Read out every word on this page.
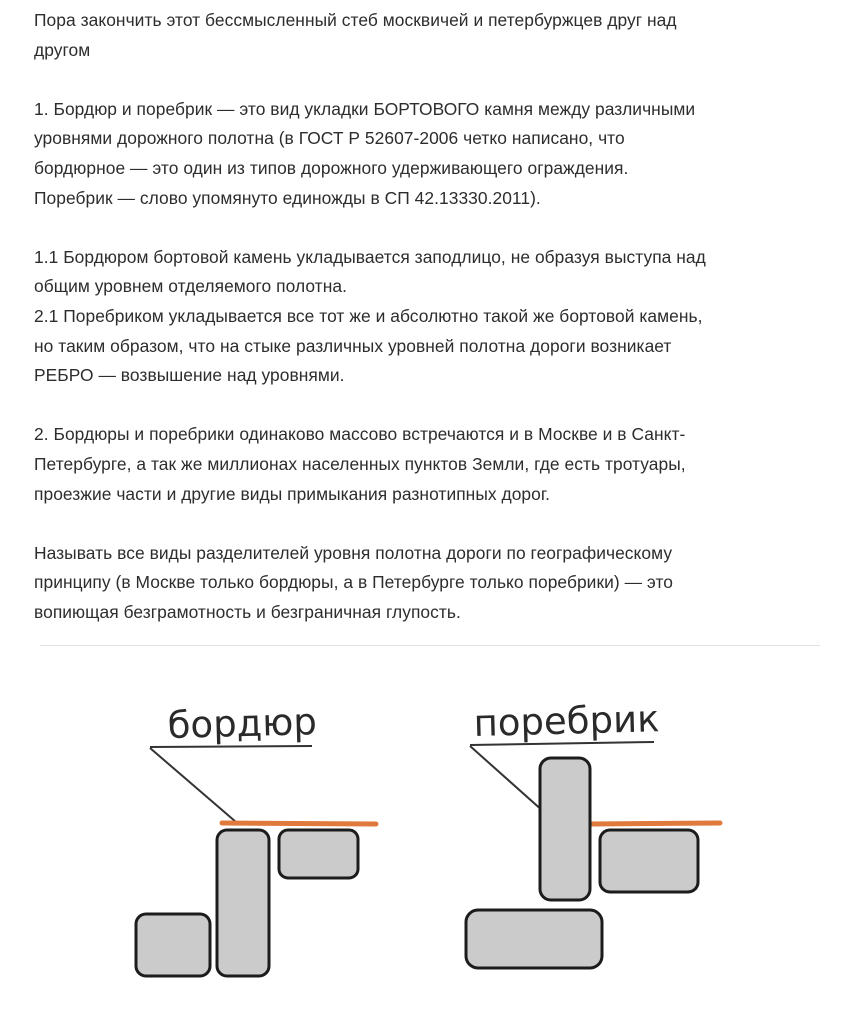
Пора закончить этот бессмысленный стеб москвичей и петербуржцев друг над
другом

1. Бордюр и поребрик — это вид укладки БОРТОВОГО камня между различными
уровнями дорожного полотна (в ГОСТ Р 52607-2006 четко написано, что
бордюрное — это один из типов дорожного удерживающего ограждения.
Поребрик — слово упомянуто единожды в СП 42.13330.2011).

1.1 Бордюром бортовой камень укладывается заподлицо, не образуя выступа над
общим уровнем отделяемого полотна.
2.1 Поребриком укладывается все тот же и абсолютно такой же бортовой камень,
но таким образом, что на стыке различных уровней полотна дороги возникает
РЕБРО — возвышение над уровнями.

2. Бордюры и поребрики одинаково массово встречаются и в Москве и в Санкт-
Петербурге, а так же миллионах населенных пунктов Земли, где есть тротуары,
проезжие части и другие виды примыкания разнотипных дорог.

Называть все виды разделителей уровня полотна дороги по географическому
принципу (в Москве только бордюры, а в Петербурге только поребрики) — это
вопиющая безграмотность и безграничная глупость.

бордюр	поребрик
